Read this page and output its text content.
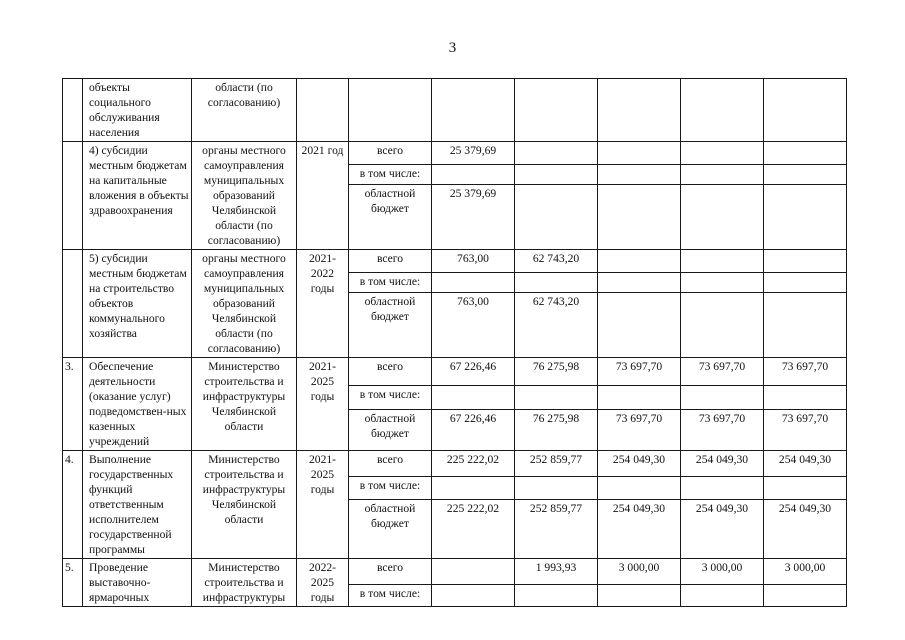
3
	объекты социального обслуживания населения	области (по согласованию)							
	4) субсидии местным бюджетам на капитальные вложения в объекты здравоохранения	органы местного самоуправления муниципальных образований Челябинской области (по согласованию)	2021 год	всего	25 379,69				
				в том числе:					
				областной бюджет	25 379,69				
	5) субсидии местным бюджетам на строительство объектов коммунального хозяйства	органы местного самоуправления муниципальных образований Челябинской области (по согласованию)	2021-2022 годы	всего	763,00	62 743,20			
				в том числе:					
				областной бюджет	763,00	62 743,20			
3.	Обеспечение деятельности (оказание услуг) подведомствен-ных казенных учреждений	Министерство строительства и инфраструктуры Челябинской области	2021-2025 годы	всего	67 226,46	76 275,98	73 697,70	73 697,70	73 697,70
				в том числе:					
				областной бюджет	67 226,46	76 275,98	73 697,70	73 697,70	73 697,70
4.	Выполнение государственных функций ответственным исполнителем государственной программы	Министерство строительства и инфраструктуры Челябинской области	2021-2025 годы	всего	225 222,02	252 859,77	254 049,30	254 049,30	254 049,30
				в том числе:					
				областной бюджет	225 222,02	252 859,77	254 049,30	254 049,30	254 049,30
5.	Проведение выставочно-ярмарочных	Министерство строительства и инфраструктуры	2022-2025 годы	всего		1 993,93	3 000,00	3 000,00	3 000,00
				в том числе:					
